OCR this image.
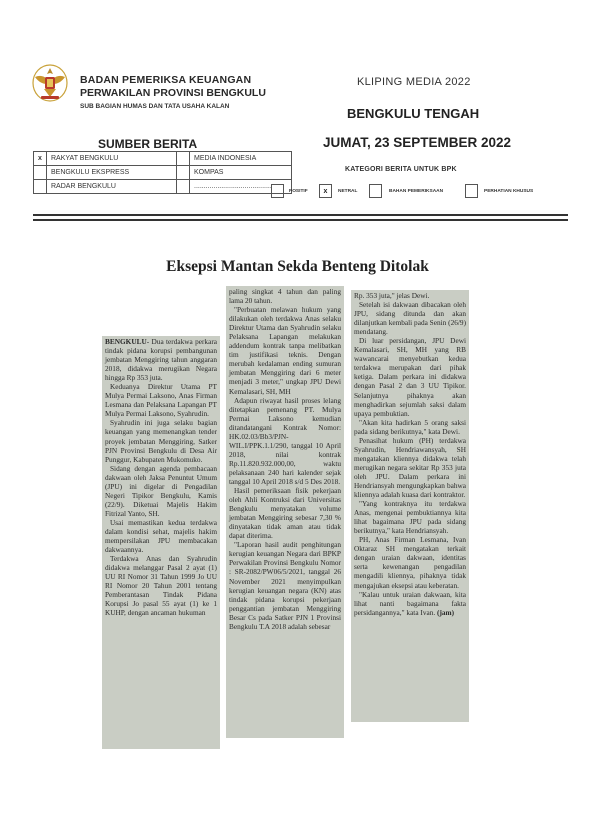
BADAN PEMERIKSA KEUANGAN
PERWAKILAN PROVINSI BENGKULU
SUB BAGIAN HUMAS DAN TATA USAHA KALAN
KLIPING MEDIA 2022
BENGKULU TENGAH
SUMBER BERITA	JUMAT, 23 SEPTEMBER 2022
x	RAKYAT BENGKULU		MEDIA INDONESIA
	BENGKULU EKSPRESS		KOMPAS
	RADAR BENGKULU		........................................
KATEGORI BERITA UNTUK BPK
POSITIF	x	NETRAL	BAHAN PEMERIKSAAN	PERHATIAN KHUSUS
Eksepsi Mantan Sekda Benteng Ditolak

BENGKULU- Dua terdakwa perkara tindak pidana korupsi pembangunan jembatan Menggiring tahun anggaran 2018, didakwa merugikan Negara hingga Rp 353 juta.

Keduanya Direktur Utama PT Mulya Permai Laksono, Anas Firman Lesmana dan Pelaksana Lapangan PT Mulya Permai Laksono, Syahrudin.

Syahrudin ini juga selaku bagian keuangan yang memenangkan tender proyek jembatan Menggiring, Satker PJN Provinsi Bengkulu di Desa Air Punggur, Kabupaten Mukomuko.

Sidang dengan agenda pembacaan dakwaan oleh Jaksa Penuntut Umum (JPU) ini digelar di Pengadilan Negeri Tipikor Bengkulu, Kamis (22/9). Diketuai Majelis Hakim Fitrizal Yanto, SH.

Usai memastikan kedua terdakwa dalam kondisi sehat, majelis hakim mempersilakan JPU membacakan dakwaannya.

Terdakwa Anas dan Syahrudin didakwa melanggar Pasal 2 ayat (1) UU RI Nomor 31 Tahun 1999 Jo UU RI Nomor 20 Tahun 2001 tentang Pemberantasan Tindak Pidana Korupsi Jo pasal 55 ayat (1) ke 1 KUHP, dengan ancaman hukuman

paling singkat 4 tahun dan paling lama 20 tahun.

"Perbuatan melawan hukum yang dilakukan oleh terdakwa Anas selaku Direktur Utama dan Syahrudin selaku Pelaksana Lapangan melakukan addendum kontrak tanpa melibatkan tim justifikasi teknis. Dengan merubah kedalaman ending sumuran jembatan Menggiring dari 6 meter menjadi 3 meter," ungkap JPU Dewi Kemalasari, SH, MH

Adapun riwayat hasil proses lelang ditetapkan pemenang PT. Mulya Permai Laksono kemudian ditandatangani Kontrak Nomor: HK.02.03/Bb3/PJN-WIL.I/PPK.1.1/290, tanggal 10 April 2018, nilai kontrak Rp.11.820.932.000,00, waktu pelaksanaan 240 hari kalender sejak tanggal 10 April 2018 s/d 5 Des 2018.

Hasil pemeriksaan fisik pekerjaan oleh Ahli Kontruksi dari Universitas Bengkulu menyatakan volume jembatan Menggiring sebesar 7,30 % dinyatakan tidak aman atau tidak dapat diterima.

"Laporan hasil audit penghitungan kerugian keuangan Negara dari BPKP Perwakilan Provinsi Bengkulu Nomor : SR-2082/PW06/5/2021, tanggal 26 November 2021 menyimpulkan kerugian keuangan negara (KN) atas tindak pidana korupsi pekerjaan penggantian jembatan Menggiring Besar Cs pada Satker PJN 1 Provinsi Bengkulu T.A 2018 adalah sebesar

Rp. 353 juta," jelas Dewi.

Setelah isi dakwaan dibacakan oleh JPU, sidang ditunda dan akan dilanjutkan kembali pada Senin (26/9) mendatang.

Di luar persidangan, JPU Dewi Kemalasari, SH, MH yang RB wawancarai menyebutkan kedua terdakwa merupakan dari pihak ketiga. Dalam perkara ini didakwa dengan Pasal 2 dan 3 UU Tipikor. Selanjutnya pihaknya akan menghadirkan sejumlah saksi dalam upaya pembuktian.

"Akan kita hadirkan 5 orang saksi pada sidang berikutnya," kata Dewi.

Penasihat hukum (PH) terdakwa Syahrudin, Hendriawansyah, SH mengatakan kliennya didakwa telah merugikan negara sekitar Rp 353 juta oleh JPU. Dalam perkara ini Hendriansyah mengungkapkan bahwa kliennya adalah kuasa dari kontraktor.

"Yang kontraknya itu terdakwa Anas, mengenai pembuktiannya kita lihat bagaimana JPU pada sidang berikutnya," kata Hendriansyah.

PH, Anas Firman Lesmana, Ivan Oktaraz SH mengatakan terkait dengan uraian dakwaan, identitas serta kewenangan pengadilan mengadili kliennya, pihaknya tidak mengajukan eksepsi atau keberatan.

"Kalau untuk uraian dakwaan, kita lihat nanti bagaimana fakta persidangannya," kata Ivan. (jam)
